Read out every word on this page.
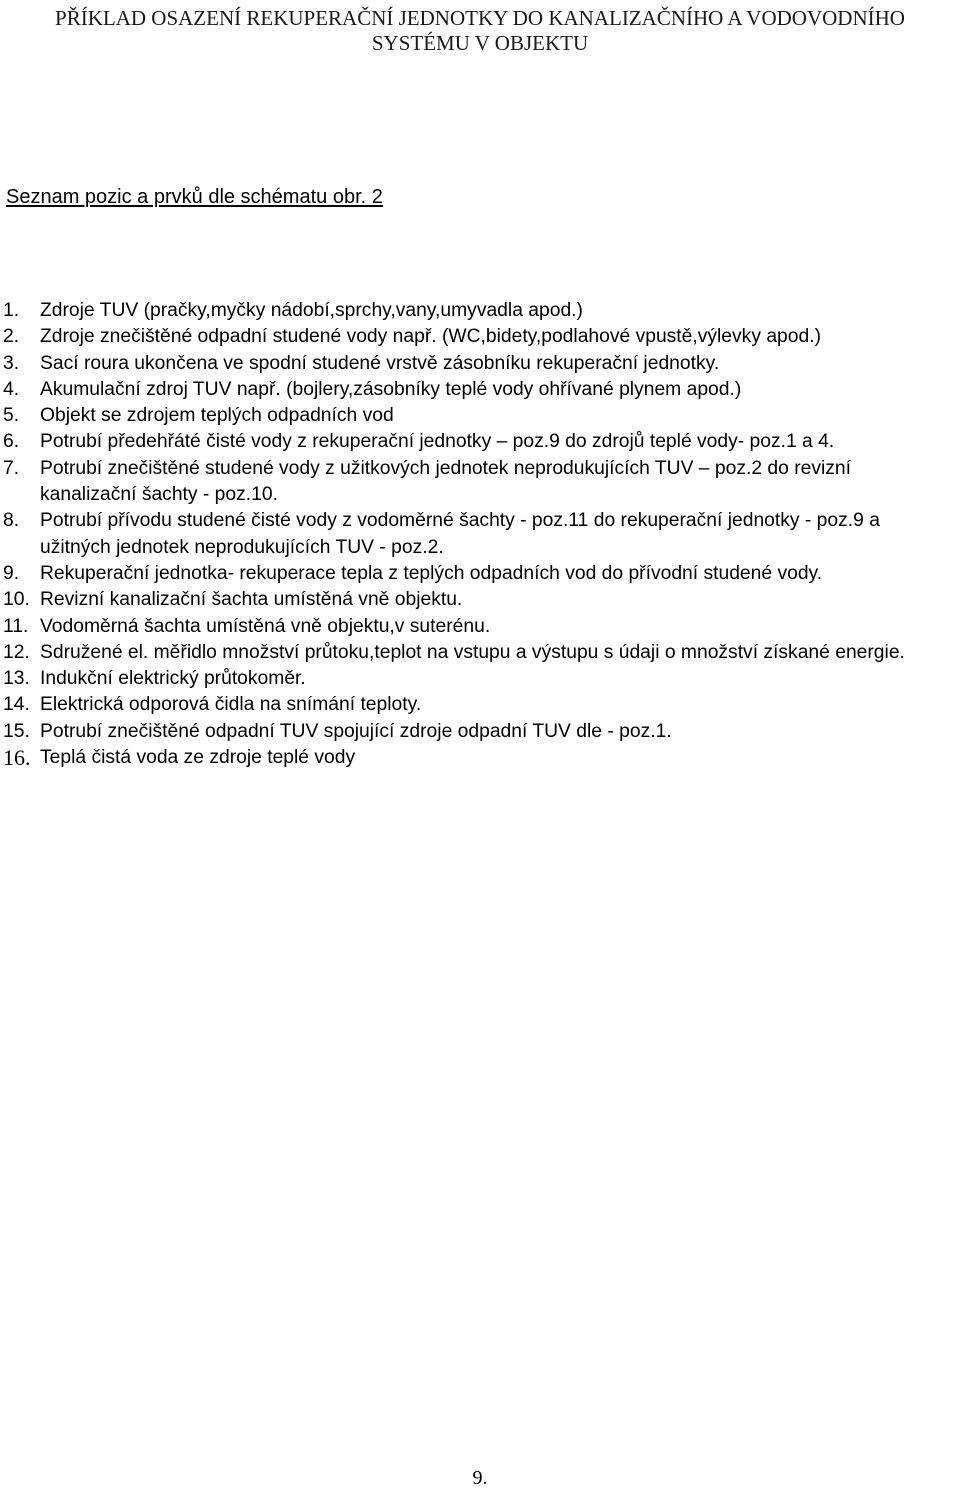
PŘÍKLAD OSAZENÍ REKUPERAČNÍ JEDNOTKY DO KANALIZAČNÍHO A VODOVODNÍHO
SYSTÉMU V OBJEKTU
Seznam pozic a prvků dle schématu obr. 2
1. Zdroje TUV (pračky,myčky nádobí,sprchy,vany,umyvadla apod.)
2. Zdroje znečištěné odpadní studené vody např. (WC,bidety,podlahové vpustě,výlevky apod.)
3. Sací roura ukončena ve spodní studené vrstvě zásobníku rekuperační jednotky.
4. Akumulační zdroj TUV např. (bojlery,zásobníky teplé vody ohřívané plynem apod.)
5. Objekt se zdrojem teplých odpadních vod
6. Potrubí předehřáté čisté vody z rekuperační jednotky – poz.9 do zdrojů teplé vody- poz.1 a 4.
7. Potrubí znečištěné studené vody z užitkových jednotek neprodukujících TUV – poz.2 do revizní kanalizační šachty - poz.10.
8. Potrubí přívodu studené čisté vody z vodoměrné šachty - poz.11 do rekuperační jednotky - poz.9 a užitných jednotek neprodukujících TUV - poz.2.
9. Rekuperační jednotka- rekuperace tepla z teplých odpadních vod do přívodní studené vody.
10. Revizní kanalizační šachta umístěná vně objektu.
11. Vodoměrná šachta umístěná vně objektu,v suterénu.
12. Sdružené el. měřidlo množství průtoku,teplot na vstupu a výstupu s údaji o množství získané energie.
13. Indukční elektrický průtokoměr.
14. Elektrická odporová čidla na snímání teploty.
15. Potrubí znečištěné odpadní TUV spojující zdroje odpadní TUV dle - poz.1.
16. Teplá čistá voda ze zdroje teplé vody
9.
